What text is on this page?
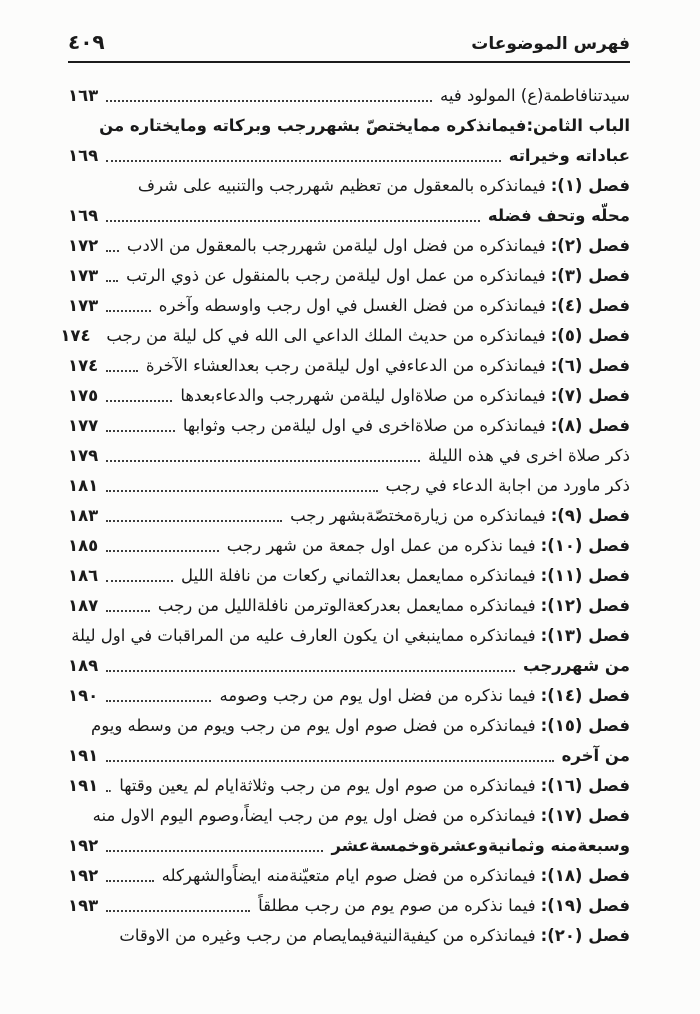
فهرس الموضوعات
٤٠٩
سيدتنافاطمة(ع) المولود فيه
١٦٣
الباب الثامن:فيمانذكره ممايختصّ بشهررجب وبركاته ومايختاره من
عباداته وخيراته
١٦٩
فصل (١):
فيمانذكره بالمعقول من تعظيم شهررجب والتنبيه على شرف
محلّه وتحف فضله
١٦٩
فصل (٢):
فيمانذكره من فضل اول ليلةمن شهررجب بالمعقول من الادب
١٧٢
فصل (٣):
فيمانذكره من عمل اول ليلةمن رجب بالمنقول عن ذوي الرتب
١٧٣
فصل (٤):
فيمانذكره من فضل الغسل في اول رجب واوسطه وآخره
١٧٣
فصل (٥):
فيمانذكره من حديث الملك الداعي الى الله في كل ليلة من رجب
١٧٤
فصل (٦):
فيمانذكره من الدعاءفي اول ليلةمن رجب بعدالعشاء الآخرة
١٧٤
فصل (٧):
فيمانذكره من صلاةاول ليلةمن شهررجب والدعاءبعدها
١٧٥
فصل (٨):
فيمانذكره من صلاةاخرى في اول ليلةمن رجب وثوابها
١٧٧
ذكر صلاة اخرى في هذه الليلة
١٧٩
ذكر ماورد من اجابة الدعاء في رجب
١٨١
فصل (٩):
فيمانذكره من زيارةمختصّةبشهر رجب
١٨٣
فصل (١٠):
فيما نذكره من عمل اول جمعة من شهر رجب
١٨٥
فصل (١١):
فيمانذكره ممايعمل بعدالثماني ركعات من نافلة الليل
١٨٦
فصل (١٢):
فيمانذكره ممايعمل بعدركعةالوترمن نافلةالليل من رجب
١٨٧
فصل (١٣):
فيمانذكره مماينبغي ان يكون العارف عليه من المراقبات في اول ليلة
من شهررجب
١٨٩
فصل (١٤):
فيما نذكره من فضل اول يوم من رجب وصومه
١٩٠
فصل (١٥):
فيمانذكره من فضل صوم اول يوم من رجب ويوم من وسطه ويوم
من آخره
١٩١
فصل (١٦):
فيمانذكره من صوم اول يوم من رجب وثلاثةايام لم يعين وقتها
١٩١
فصل (١٧):
فيمانذكره من فضل اول يوم من رجب ايضاً،وصوم اليوم الاول منه
وسبعةمنه وثمانيةوعشرةوخمسةعشر
١٩٢
فصل (١٨):
فيمانذكره من فضل صوم ايام متعيّنةمنه ايضاًوالشهركله
١٩٢
فصل (١٩):
فيما نذكره من صوم يوم من رجب مطلقاً
١٩٣
فصل (٢٠):
فيمانذكره من كيفيةالنيةفيمايصام من رجب وغيره من الاوقات
